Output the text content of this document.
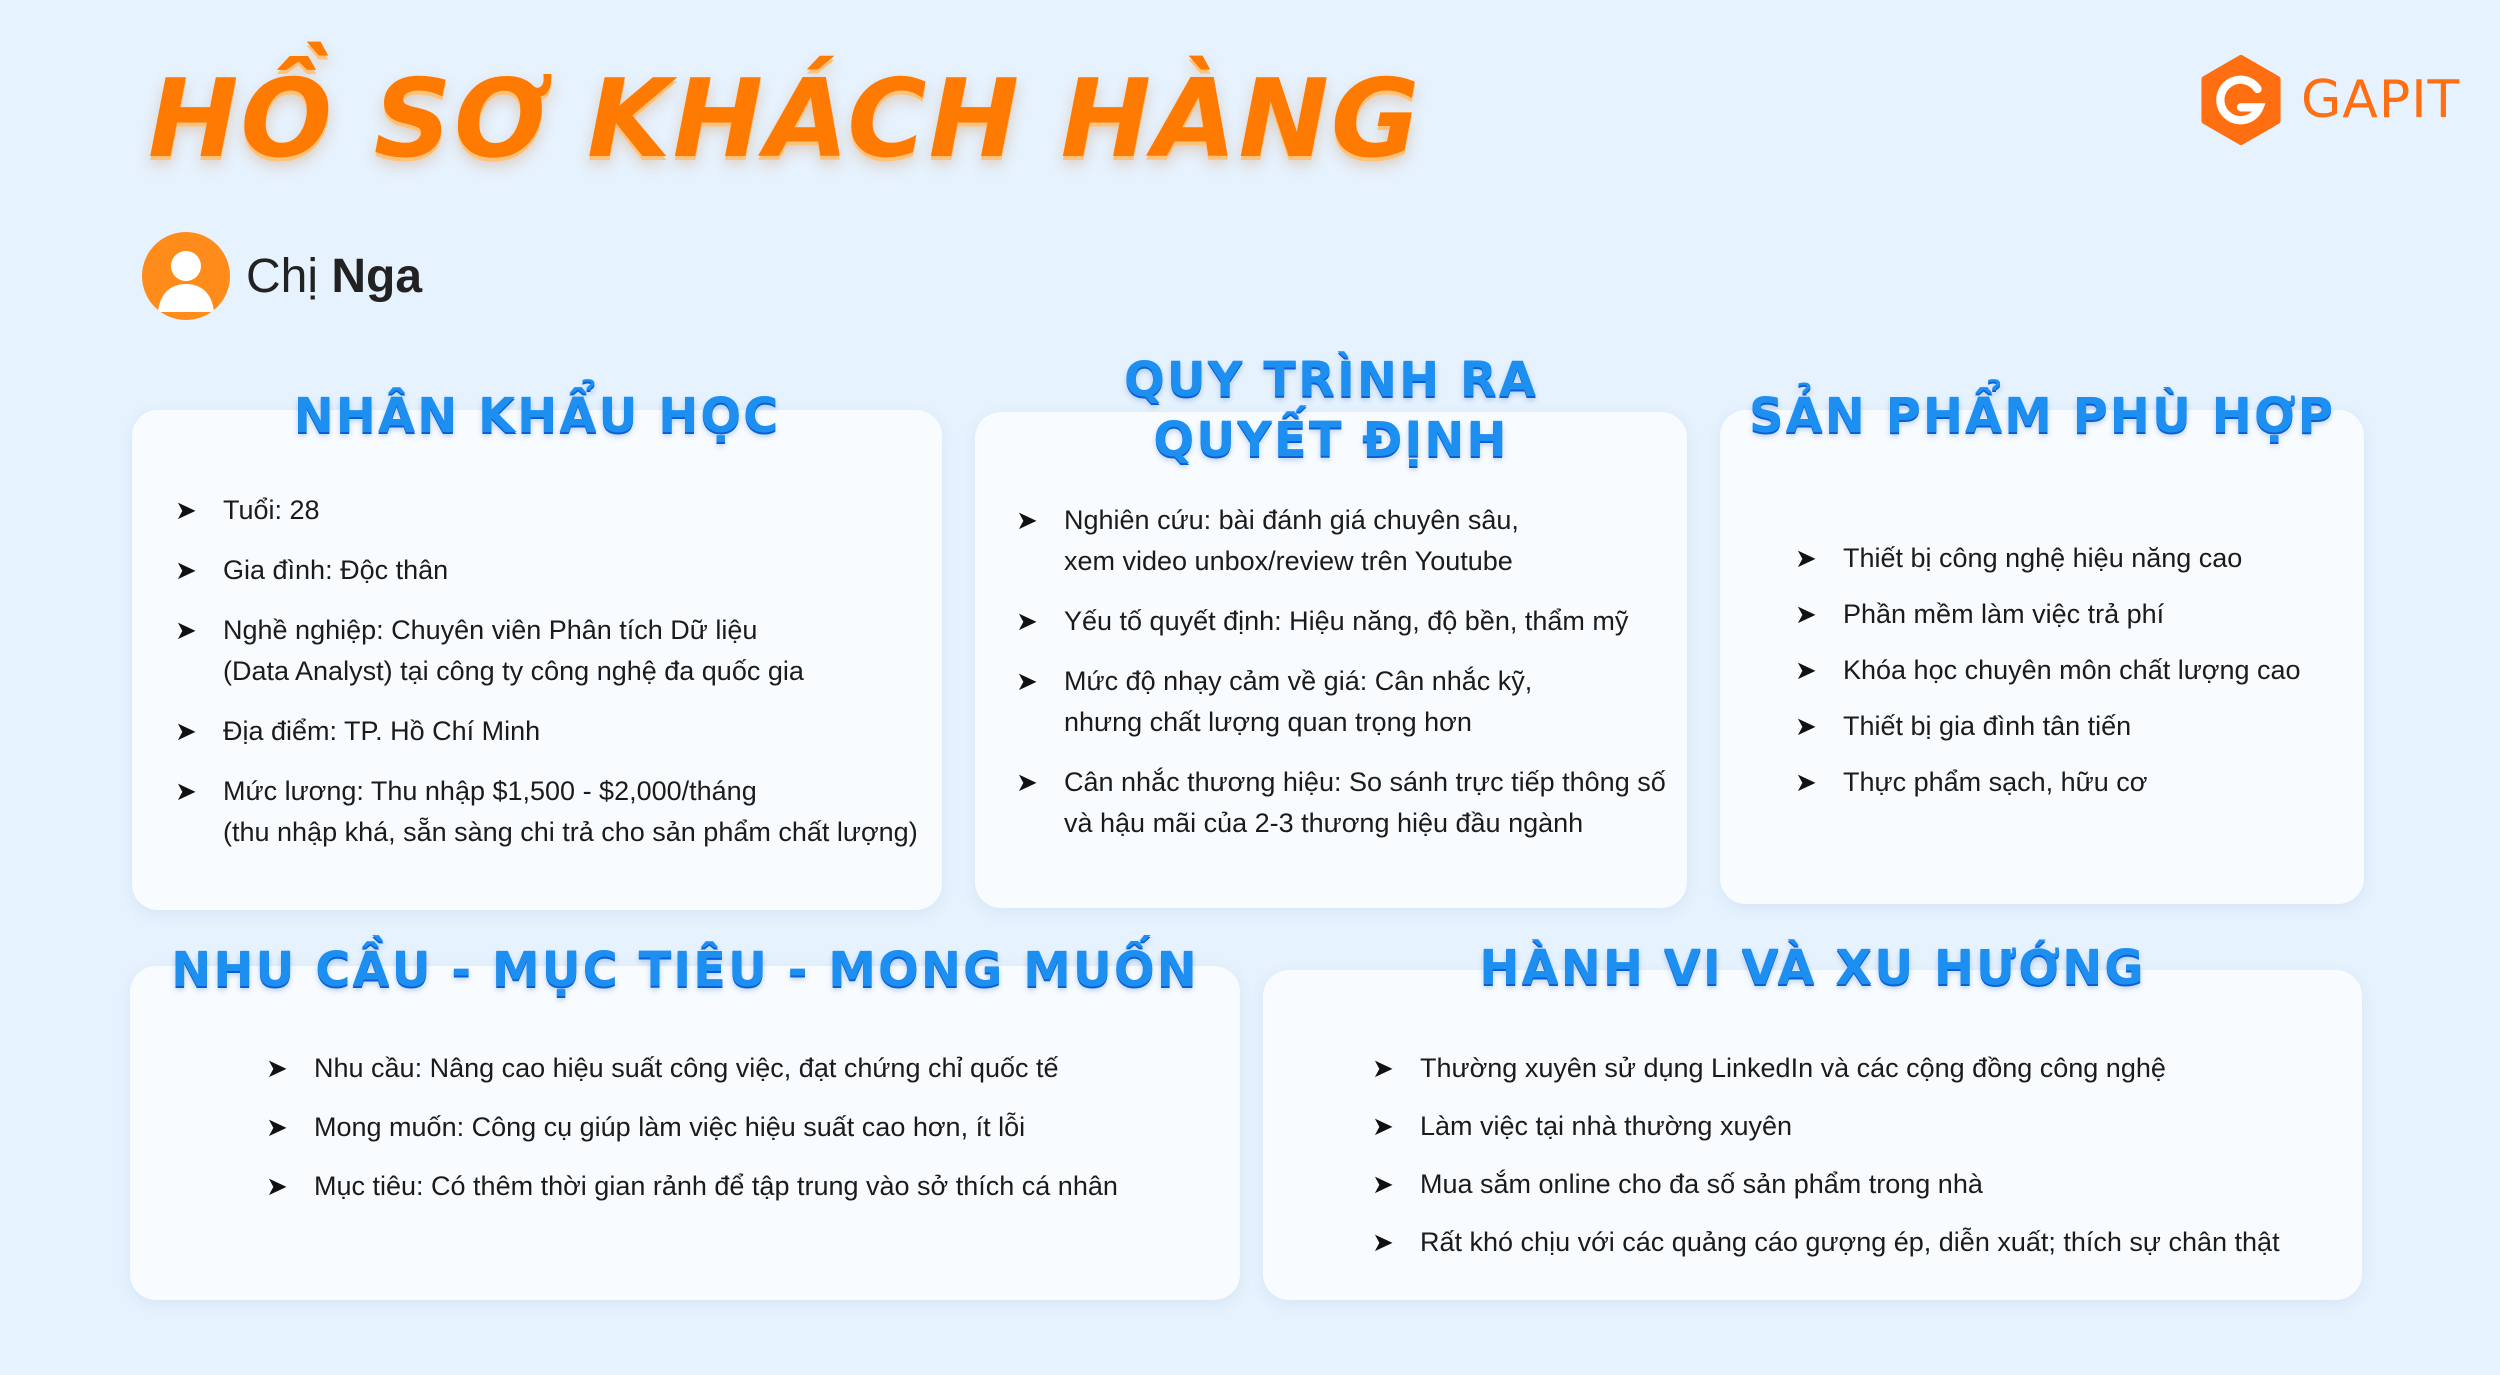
HỒ SƠ KHÁCH HÀNG	GAPIT
Chị Nga
NHÂN KHẨU HỌC
➤ Tuổi: 28
➤ Gia đình: Độc thân
➤ Nghề nghiệp: Chuyên viên Phân tích Dữ liệu
(Data Analyst) tại công ty công nghệ đa quốc gia
➤ Địa điểm: TP. Hồ Chí Minh
➤ Mức lương: Thu nhập $1,500 - $2,000/tháng
(thu nhập khá, sẵn sàng chi trả cho sản phẩm chất lượng)
QUY TRÌNH RA
QUYẾT ĐỊNH
➤ Nghiên cứu: bài đánh giá chuyên sâu,
xem video unbox/review trên Youtube
➤ Yếu tố quyết định: Hiệu năng, độ bền, thẩm mỹ
➤ Mức độ nhạy cảm về giá: Cân nhắc kỹ,
nhưng chất lượng quan trọng hơn
➤ Cân nhắc thương hiệu: So sánh trực tiếp thông số
và hậu mãi của 2-3 thương hiệu đầu ngành
SẢN PHẨM PHÙ HỢP
➤ Thiết bị công nghệ hiệu năng cao
➤ Phần mềm làm việc trả phí
➤ Khóa học chuyên môn chất lượng cao
➤ Thiết bị gia đình tân tiến
➤ Thực phẩm sạch, hữu cơ
NHU CẦU - MỤC TIÊU - MONG MUỐN
➤ Nhu cầu: Nâng cao hiệu suất công việc, đạt chứng chỉ quốc tế
➤ Mong muốn: Công cụ giúp làm việc hiệu suất cao hơn, ít lỗi
➤ Mục tiêu: Có thêm thời gian rảnh để tập trung vào sở thích cá nhân
HÀNH VI VÀ XU HƯỚNG
➤ Thường xuyên sử dụng LinkedIn và các cộng đồng công nghệ
➤ Làm việc tại nhà thường xuyên
➤ Mua sắm online cho đa số sản phẩm trong nhà
➤ Rất khó chịu với các quảng cáo gượng ép, diễn xuất; thích sự chân thật
